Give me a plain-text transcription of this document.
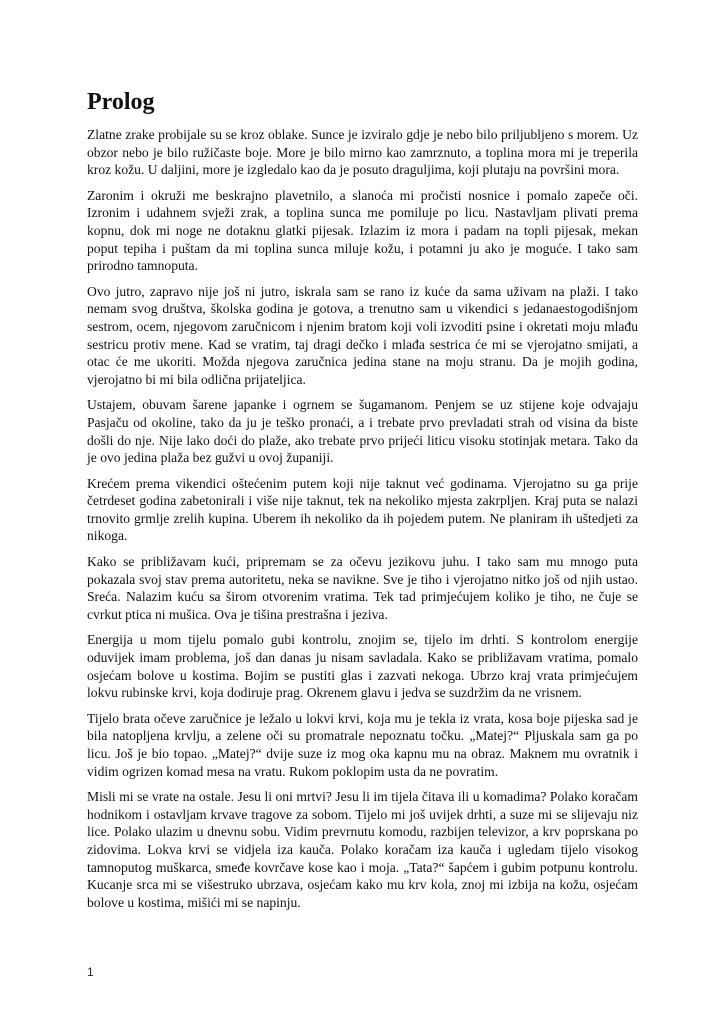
Prolog

Zlatne zrake probijale su se kroz oblake. Sunce je izviralo gdje je nebo bilo priljubljeno s morem. Uz obzor nebo je bilo ružičaste boje. More je bilo mirno kao zamrznuto, a toplina mora mi je treperila kroz kožu. U daljini, more je izgledalo kao da je posuto draguljima, koji plutaju na površini mora.

Zaronim i okruži me beskrajno plavetnilo, a slanoća mi pročisti nosnice i pomalo zapeče oči. Izronim i udahnem svježi zrak, a toplina sunca me pomiluje po licu. Nastavljam plivati prema kopnu, dok mi noge ne dotaknu glatki pijesak. Izlazim iz mora i padam na topli pijesak, mekan poput tepiha i puštam da mi toplina sunca miluje kožu, i potamni ju ako je moguće. I tako sam prirodno tamnoputa.

Ovo jutro, zapravo nije još ni jutro, iskrala sam se rano iz kuće da sama uživam na plaži. I tako nemam svog društva, školska godina je gotova, a trenutno sam u vikendici s jedanaestogodišnjom sestrom, ocem, njegovom zaručnicom i njenim bratom koji voli izvoditi psine i okretati moju mlađu sestricu protiv mene. Kad se vratim, taj dragi dečko i mlađa sestrica će mi se vjerojatno smijati, a otac će me ukoriti. Možda njegova zaručnica jedina stane na moju stranu. Da je mojih godina, vjerojatno bi mi bila odlična prijateljica.

Ustajem, obuvam šarene japanke i ogrnem se šugamanom. Penjem se uz stijene koje odvajaju Pasjaču od okoline, tako da ju je teško pronaći, a i trebate prvo prevladati strah od visina da biste došli do nje. Nije lako doći do plaže, ako trebate prvo prijeći liticu visoku stotinjak metara. Tako da je ovo jedina plaža bez gužvi u ovoj županiji.

Krećem prema vikendici oštećenim putem koji nije taknut već godinama. Vjerojatno su ga prije četrdeset godina zabetonirali i više nije taknut, tek na nekoliko mjesta zakrpljen. Kraj puta se nalazi trnovito grmlje zrelih kupina. Uberem ih nekoliko da ih pojedem putem. Ne planiram ih uštedjeti za nikoga.

Kako se približavam kući, pripremam se za očevu jezikovu juhu. I tako sam mu mnogo puta pokazala svoj stav prema autoritetu, neka se navikne. Sve je tiho i vjerojatno nitko još od njih ustao. Sreća. Nalazim kuću sa širom otvorenim vratima. Tek tad primjećujem koliko je tiho, ne čuje se cvrkut ptica ni mušica. Ova je tišina prestrašna i jeziva.

Energija u mom tijelu pomalo gubi kontrolu, znojim se, tijelo im drhti. S kontrolom energije oduvijek imam problema, još dan danas ju nisam savladala. Kako se približavam vratima, pomalo osjećam bolove u kostima. Bojim se pustiti glas i zazvati nekoga. Ubrzo kraj vrata primjećujem lokvu rubinske krvi, koja dodiruje prag. Okrenem glavu i jedva se suzdržim da ne vrisnem.

Tijelo brata očeve zaručnice je ležalo u lokvi krvi, koja mu je tekla iz vrata, kosa boje pijeska sad je bila natopljena krvlju, a zelene oči su promatrale nepoznatu točku. „Matej?“ Pljuskala sam ga po licu. Još je bio topao. „Matej?“ dvije suze iz mog oka kapnu mu na obraz. Maknem mu ovratnik i vidim ogrizen komad mesa na vratu. Rukom poklopim usta da ne povratim.

Misli mi se vrate na ostale. Jesu li oni mrtvi? Jesu li im tijela čitava ili u komadima? Polako koračam hodnikom i ostavljam krvave tragove za sobom. Tijelo mi još uvijek drhti, a suze mi se slijevaju niz lice. Polako ulazim u dnevnu sobu. Vidim prevrnutu komodu, razbijen televizor, a krv poprskana po zidovima. Lokva krvi se vidjela iza kauča. Polako koračam iza kauča i ugledam tijelo visokog tamnoputog muškarca, smeđe kovrčave kose kao i moja. „Tata?“ šapćem i gubim potpunu kontrolu. Kucanje srca mi se višestruko ubrzava, osjećam kako mu krv kola, znoj mi izbija na kožu, osjećam bolove u kostima, mišići mi se napinju.

1
